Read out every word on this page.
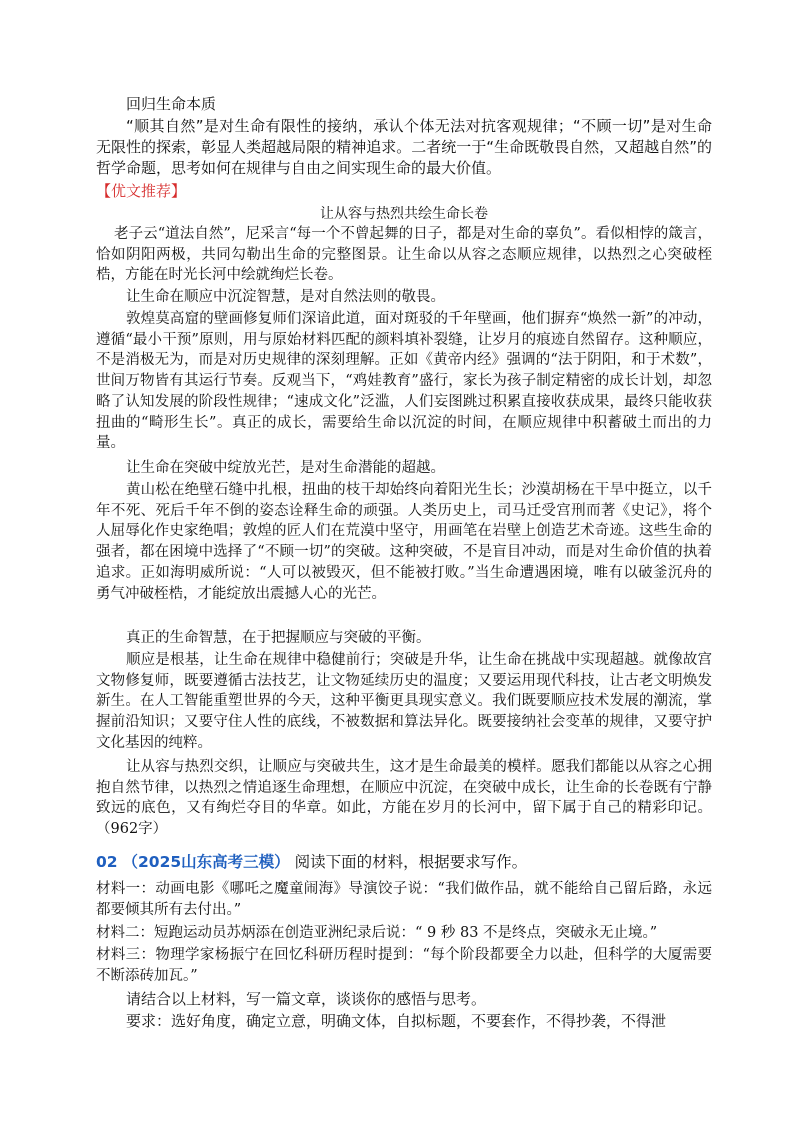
回归生命本质

“顺其自然”是对生命有限性的接纳，承认个体无法对抗客观规律；“不顾一切”是对生命无限性的探索，彰显人类超越局限的精神追求。二者统一于“生命既敬畏自然，又超越自然”的哲学命题，思考如何在规律与自由之间实现生命的最大价值。

【优文推荐】

让从容与热烈共绘生命长卷

老子云“道法自然”，尼采言“每一个不曾起舞的日子，都是对生命的辜负”。看似相悖的箴言，恰如阴阳两极，共同勾勒出生命的完整图景。让生命以从容之态顺应规律，以热烈之心突破桎梏，方能在时光长河中绘就绚烂长卷。

让生命在顺应中沉淀智慧，是对自然法则的敬畏。

敦煌莫高窟的壁画修复师们深谙此道，面对斑驳的千年壁画，他们摒弃“焕然一新”的冲动，遵循“最小干预”原则，用与原始材料匹配的颜料填补裂缝，让岁月的痕迹自然留存。这种顺应，不是消极无为，而是对历史规律的深刻理解。正如《黄帝内经》强调的“法于阴阳，和于术数”，世间万物皆有其运行节奏。反观当下，“鸡娃教育”盛行，家长为孩子制定精密的成长计划，却忽略了认知发展的阶段性规律；“速成文化”泛滥，人们妄图跳过积累直接收获成果，最终只能收获扭曲的“畸形生长”。真正的成长，需要给生命以沉淀的时间，在顺应规律中积蓄破土而出的力量。

让生命在突破中绽放光芒，是对生命潜能的超越。

黄山松在绝壁石缝中扎根，扭曲的枝干却始终向着阳光生长；沙漠胡杨在干旱中挺立，以千年不死、死后千年不倒的姿态诠释生命的顽强。人类历史上，司马迁受宫刑而著《史记》，将个人屈辱化作史家绝唱；敦煌的匠人们在荒漠中坚守，用画笔在岩壁上创造艺术奇迹。这些生命的强者，都在困境中选择了“不顾一切”的突破。这种突破，不是盲目冲动，而是对生命价值的执着追求。正如海明威所说：“人可以被毁灭，但不能被打败。”当生命遭遇困境，唯有以破釜沉舟的勇气冲破桎梏，才能绽放出震撼人心的光芒。

真正的生命智慧，在于把握顺应与突破的平衡。

顺应是根基，让生命在规律中稳健前行；突破是升华，让生命在挑战中实现超越。就像故宫文物修复师，既要遵循古法技艺，让文物延续历史的温度；又要运用现代科技，让古老文明焕发新生。在人工智能重塑世界的今天，这种平衡更具现实意义。我们既要顺应技术发展的潮流，掌握前沿知识；又要守住人性的底线，不被数据和算法异化。既要接纳社会变革的规律，又要守护文化基因的纯粹。

让从容与热烈交织，让顺应与突破共生，这才是生命最美的模样。愿我们都能以从容之心拥抱自然节律，以热烈之情追逐生命理想，在顺应中沉淀，在突破中成长，让生命的长卷既有宁静致远的底色，又有绚烂夺目的华章。如此，方能在岁月的长河中，留下属于自己的精彩印记。（962字）

02 （2025山东高考三模） 阅读下面的材料，根据要求写作。

材料一：动画电影《哪吒之魔童闹海》导演饺子说：“我们做作品，就不能给自己留后路，永远都要倾其所有去付出。”

材料二：短跑运动员苏炳添在创造亚洲纪录后说：“ 9 秒 83 不是终点，突破永无止境。”

材料三：物理学家杨振宁在回忆科研历程时提到：“每个阶段都要全力以赴，但科学的大厦需要不断添砖加瓦。”

请结合以上材料，写一篇文章，谈谈你的感悟与思考。

要求：选好角度，确定立意，明确文体，自拟标题，不要套作，不得抄袭，不得泄
